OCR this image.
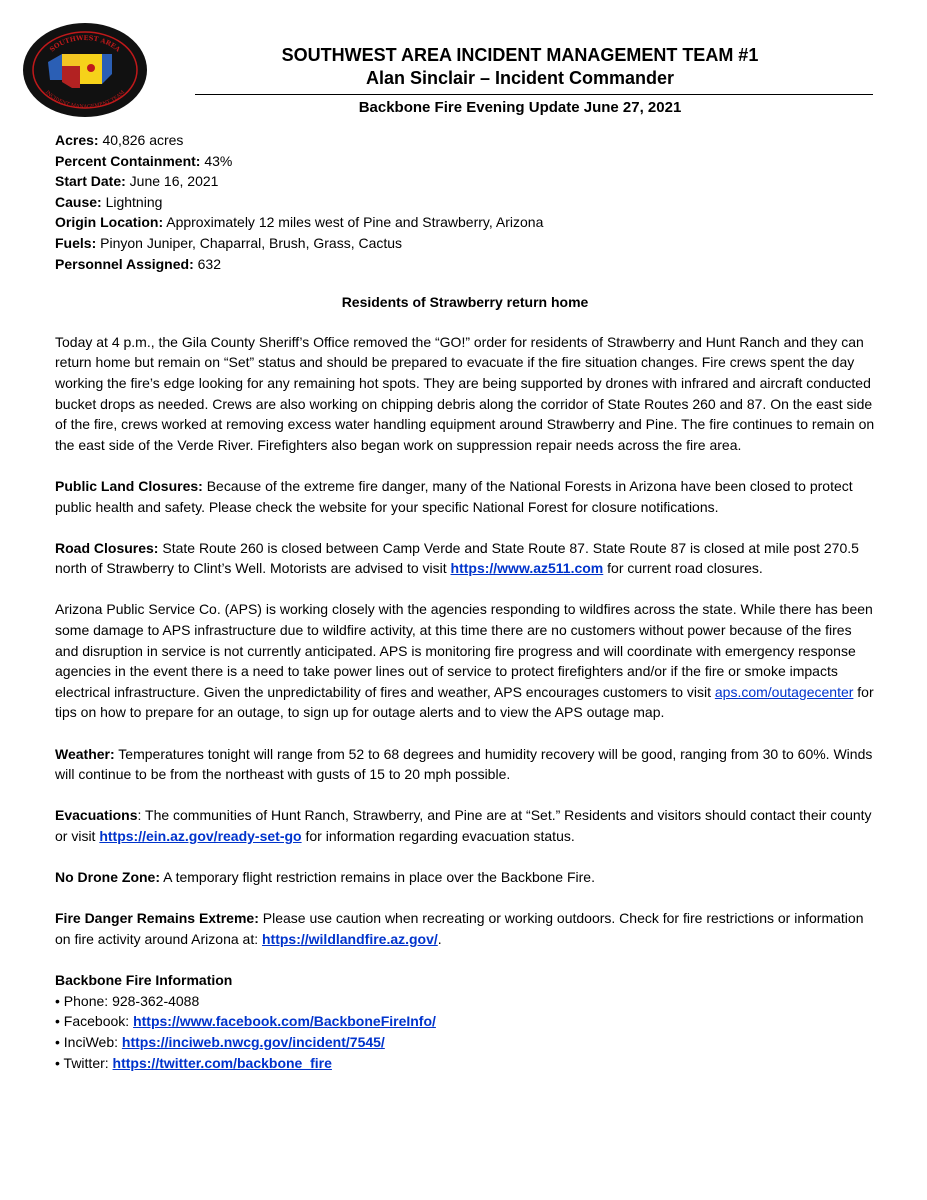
SOUTHWEST AREA
INCIDENT MANAGEMENT TEAM
SOUTHWEST AREA INCIDENT MANAGEMENT TEAM #1
Alan Sinclair – Incident Commander
Backbone Fire Evening Update June 27, 2021
Acres: 40,826 acres
Percent Containment: 43%
Start Date: June 16, 2021
Cause: Lightning
Origin Location: Approximately 12 miles west of Pine and Strawberry, Arizona
Fuels: Pinyon Juniper, Chaparral, Brush, Grass, Cactus
Personnel Assigned: 632
Residents of Strawberry return home

Today at 4 p.m., the Gila County Sheriff’s Office removed the “GO!” order for residents of Strawberry and Hunt Ranch and they can return home but remain on “Set” status and should be prepared to evacuate if the fire situation changes. Fire crews spent the day working the fire’s edge looking for any remaining hot spots. They are being supported by drones with infrared and aircraft conducted bucket drops as needed. Crews are also working on chipping debris along the corridor of State Routes 260 and 87. On the east side of the fire, crews worked at removing excess water handling equipment around Strawberry and Pine. The fire continues to remain on the east side of the Verde River. Firefighters also began work on suppression repair needs across the fire area.

Public Land Closures: Because of the extreme fire danger, many of the National Forests in Arizona have been closed to protect public health and safety. Please check the website for your specific National Forest for closure notifications.

Road Closures: State Route 260 is closed between Camp Verde and State Route 87. State Route 87 is closed at mile post 270.5 north of Strawberry to Clint’s Well. Motorists are advised to visit https://www.az511.com for current road closures.

Arizona Public Service Co. (APS) is working closely with the agencies responding to wildfires across the state. While there has been some damage to APS infrastructure due to wildfire activity, at this time there are no customers without power because of the fires and disruption in service is not currently anticipated. APS is monitoring fire progress and will coordinate with emergency response agencies in the event there is a need to take power lines out of service to protect firefighters and/or if the fire or smoke impacts electrical infrastructure. Given the unpredictability of fires and weather, APS encourages customers to visit aps.com/outagecenter for tips on how to prepare for an outage, to sign up for outage alerts and to view the APS outage map.

Weather: Temperatures tonight will range from 52 to 68 degrees and humidity recovery will be good, ranging from 30 to 60%. Winds will continue to be from the northeast with gusts of 15 to 20 mph possible.

Evacuations: The communities of Hunt Ranch, Strawberry, and Pine are at “Set.” Residents and visitors should contact their county or visit https://ein.az.gov/ready-set-go for information regarding evacuation status.

No Drone Zone: A temporary flight restriction remains in place over the Backbone Fire.

Fire Danger Remains Extreme: Please use caution when recreating or working outdoors. Check for fire restrictions or information on fire activity around Arizona at: https://wildlandfire.az.gov/.

Backbone Fire Information
• Phone: 928-362-4088
• Facebook: https://www.facebook.com/BackboneFireInfo/
• InciWeb: https://inciweb.nwcg.gov/incident/7545/
• Twitter: https://twitter.com/backbone_fire
